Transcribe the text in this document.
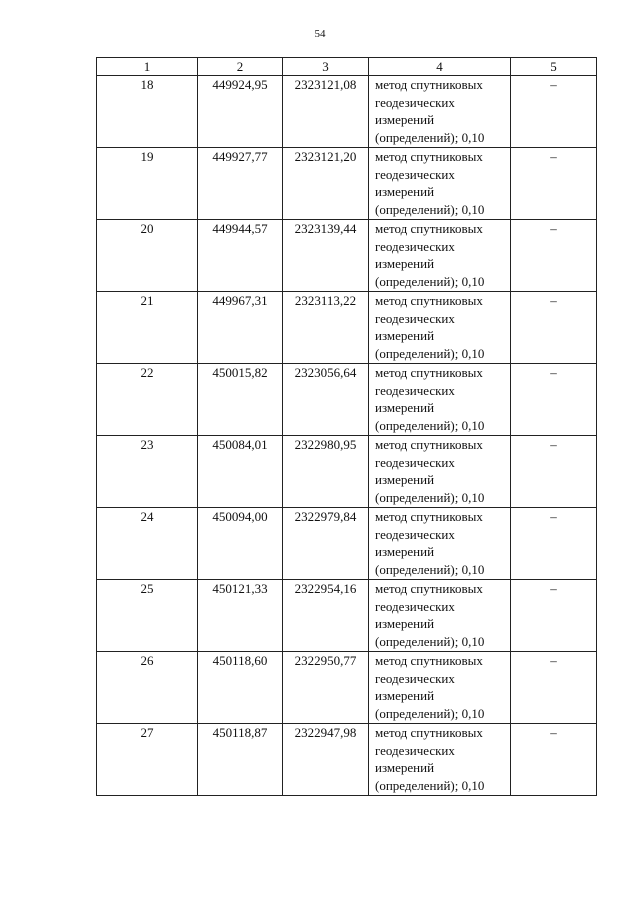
54
1	2	3	4	5
18	449924,95	2323121,08	метод спутниковых
геодезических
измерений
(определений); 0,10	–
19	449927,77	2323121,20	метод спутниковых
геодезических
измерений
(определений); 0,10	–
20	449944,57	2323139,44	метод спутниковых
геодезических
измерений
(определений); 0,10	–
21	449967,31	2323113,22	метод спутниковых
геодезических
измерений
(определений); 0,10	–
22	450015,82	2323056,64	метод спутниковых
геодезических
измерений
(определений); 0,10	–
23	450084,01	2322980,95	метод спутниковых
геодезических
измерений
(определений); 0,10	–
24	450094,00	2322979,84	метод спутниковых
геодезических
измерений
(определений); 0,10	–
25	450121,33	2322954,16	метод спутниковых
геодезических
измерений
(определений); 0,10	–
26	450118,60	2322950,77	метод спутниковых
геодезических
измерений
(определений); 0,10	–
27	450118,87	2322947,98	метод спутниковых
геодезических
измерений
(определений); 0,10	–
